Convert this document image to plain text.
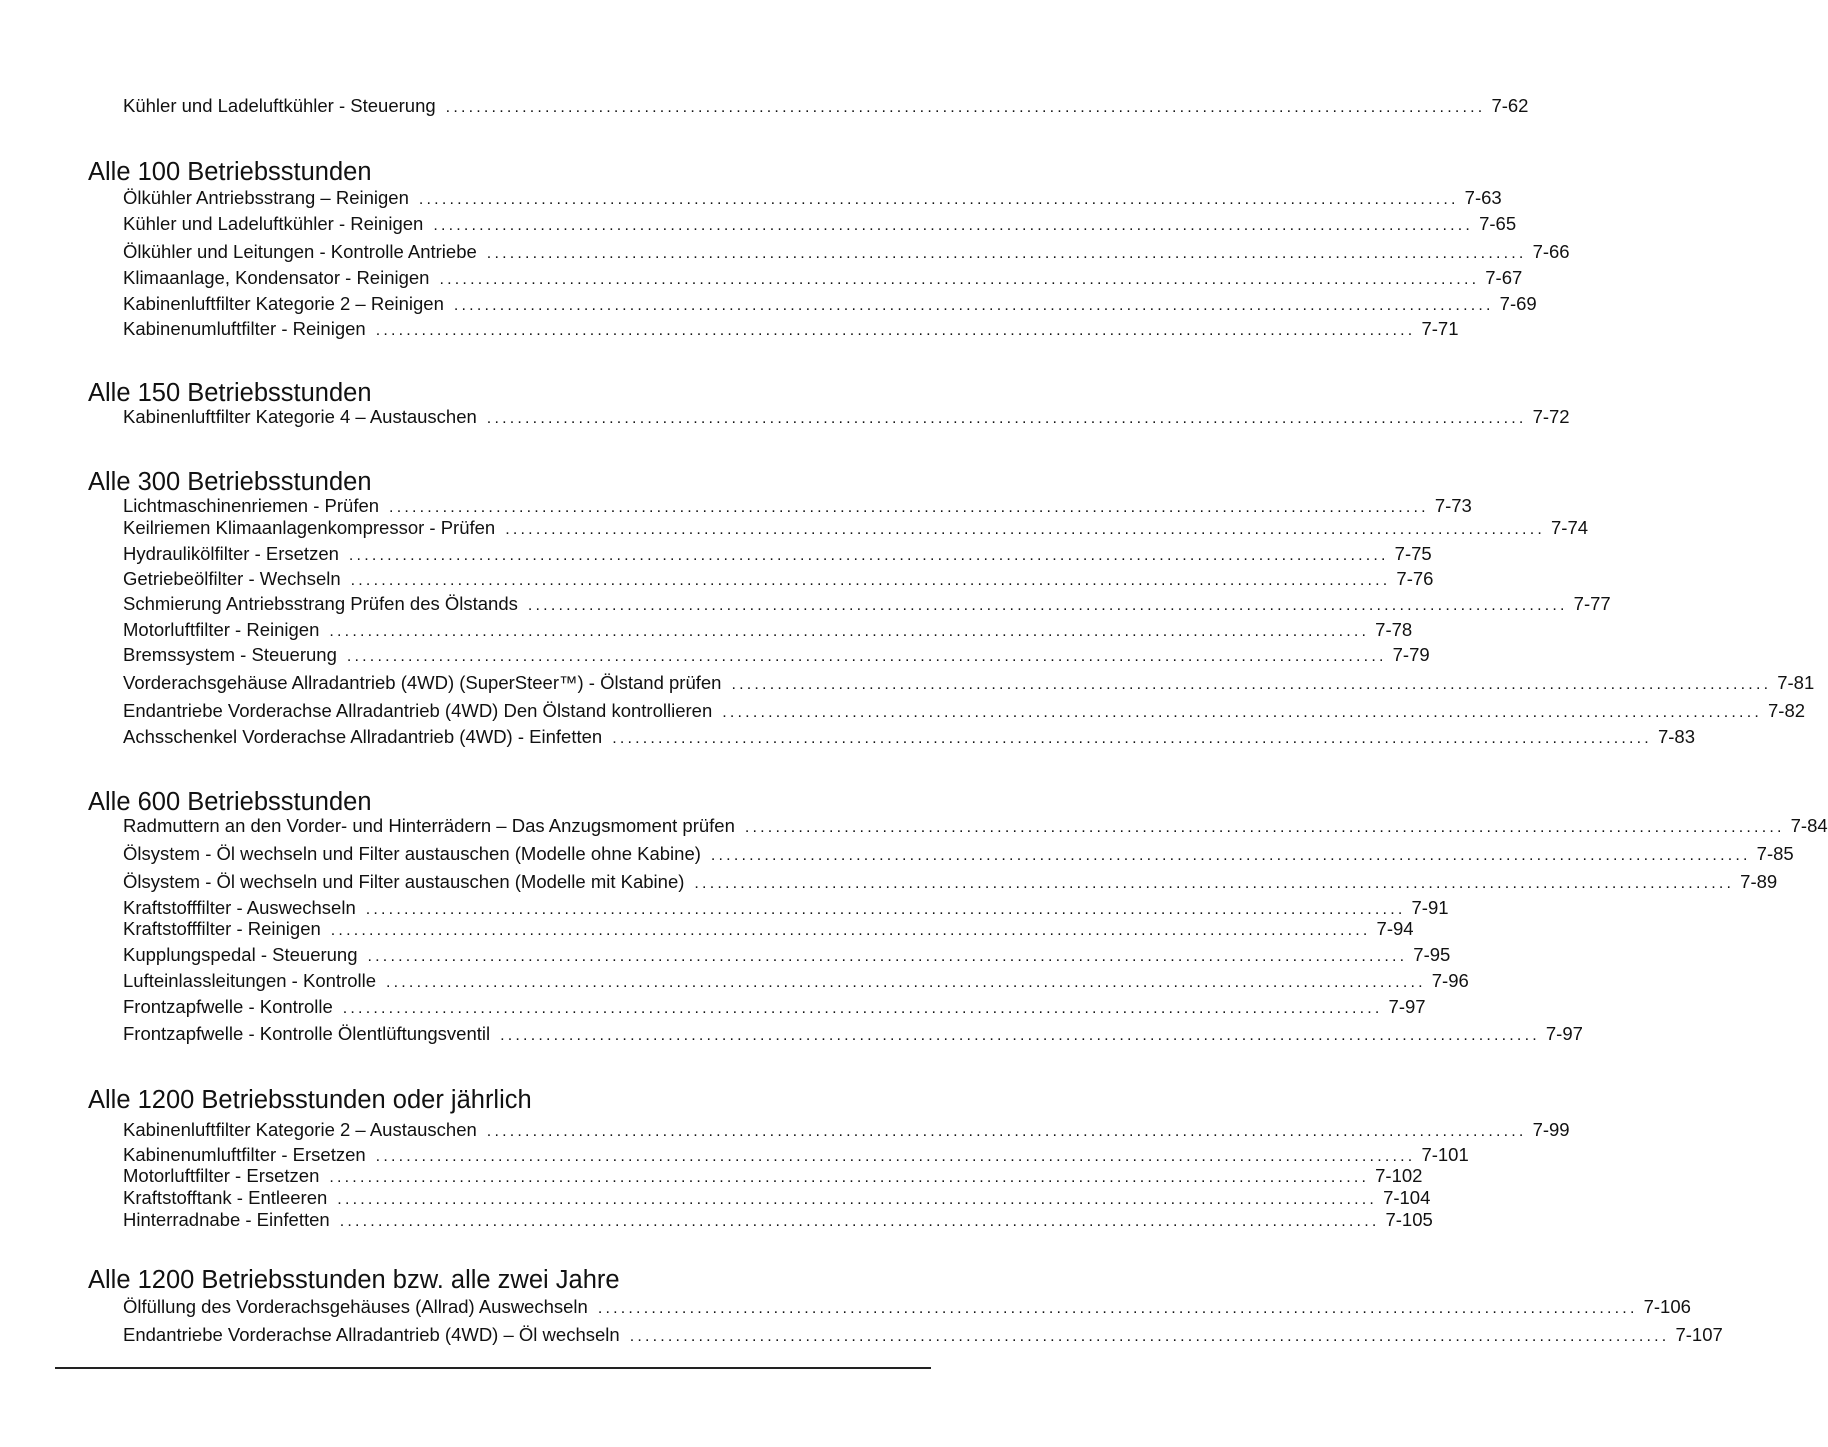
Kühler und Ladeluftkühler - Steuerung ........................................................................................................................................ 7-62
Alle 100 Betriebsstunden
Ölkühler Antriebsstrang – Reinigen ........................................................................................................................................ 7-63
Kühler und Ladeluftkühler - Reinigen ........................................................................................................................................ 7-65
Ölkühler und Leitungen - Kontrolle Antriebe ........................................................................................................................................ 7-66
Klimaanlage, Kondensator - Reinigen ........................................................................................................................................ 7-67
Kabinenluftfilter Kategorie 2 – Reinigen ........................................................................................................................................ 7-69
Kabinenumluftfilter - Reinigen ........................................................................................................................................ 7-71
Alle 150 Betriebsstunden
Kabinenluftfilter Kategorie 4 – Austauschen ........................................................................................................................................ 7-72
Alle 300 Betriebsstunden
Lichtmaschinenriemen - Prüfen ........................................................................................................................................ 7-73
Keilriemen Klimaanlagenkompressor - Prüfen ........................................................................................................................................ 7-74
Hydraulikölfilter - Ersetzen ........................................................................................................................................ 7-75
Getriebeölfilter - Wechseln ........................................................................................................................................ 7-76
Schmierung Antriebsstrang Prüfen des Ölstands ........................................................................................................................................ 7-77
Motorluftfilter - Reinigen ........................................................................................................................................ 7-78
Bremssystem - Steuerung ........................................................................................................................................ 7-79
Vorderachsgehäuse Allradantrieb (4WD) (SuperSteer™) - Ölstand prüfen ........................................................................................................................................ 7-81
Endantriebe Vorderachse Allradantrieb (4WD) Den Ölstand kontrollieren ........................................................................................................................................ 7-82
Achsschenkel Vorderachse Allradantrieb (4WD) - Einfetten ........................................................................................................................................ 7-83
Alle 600 Betriebsstunden
Radmuttern an den Vorder- und Hinterrädern – Das Anzugsmoment prüfen ........................................................................................................................................ 7-84
Ölsystem - Öl wechseln und Filter austauschen (Modelle ohne Kabine) ........................................................................................................................................ 7-85
Ölsystem - Öl wechseln und Filter austauschen (Modelle mit Kabine) ........................................................................................................................................ 7-89
Kraftstofffilter - Auswechseln ........................................................................................................................................ 7-91
Kraftstofffilter - Reinigen ........................................................................................................................................ 7-94
Kupplungspedal - Steuerung ........................................................................................................................................ 7-95
Lufteinlassleitungen - Kontrolle ........................................................................................................................................ 7-96
Frontzapfwelle - Kontrolle ........................................................................................................................................ 7-97
Frontzapfwelle - Kontrolle Ölentlüftungsventil ........................................................................................................................................ 7-97
Alle 1200 Betriebsstunden oder jährlich
Kabinenluftfilter Kategorie 2 – Austauschen ........................................................................................................................................ 7-99
Kabinenumluftfilter - Ersetzen ........................................................................................................................................ 7-101
Motorluftfilter - Ersetzen ........................................................................................................................................ 7-102
Kraftstofftank - Entleeren ........................................................................................................................................ 7-104
Hinterradnabe - Einfetten ........................................................................................................................................ 7-105
Alle 1200 Betriebsstunden bzw. alle zwei Jahre
Ölfüllung des Vorderachsgehäuses (Allrad) Auswechseln ........................................................................................................................................ 7-106
Endantriebe Vorderachse Allradantrieb (4WD) – Öl wechseln ........................................................................................................................................ 7-107
